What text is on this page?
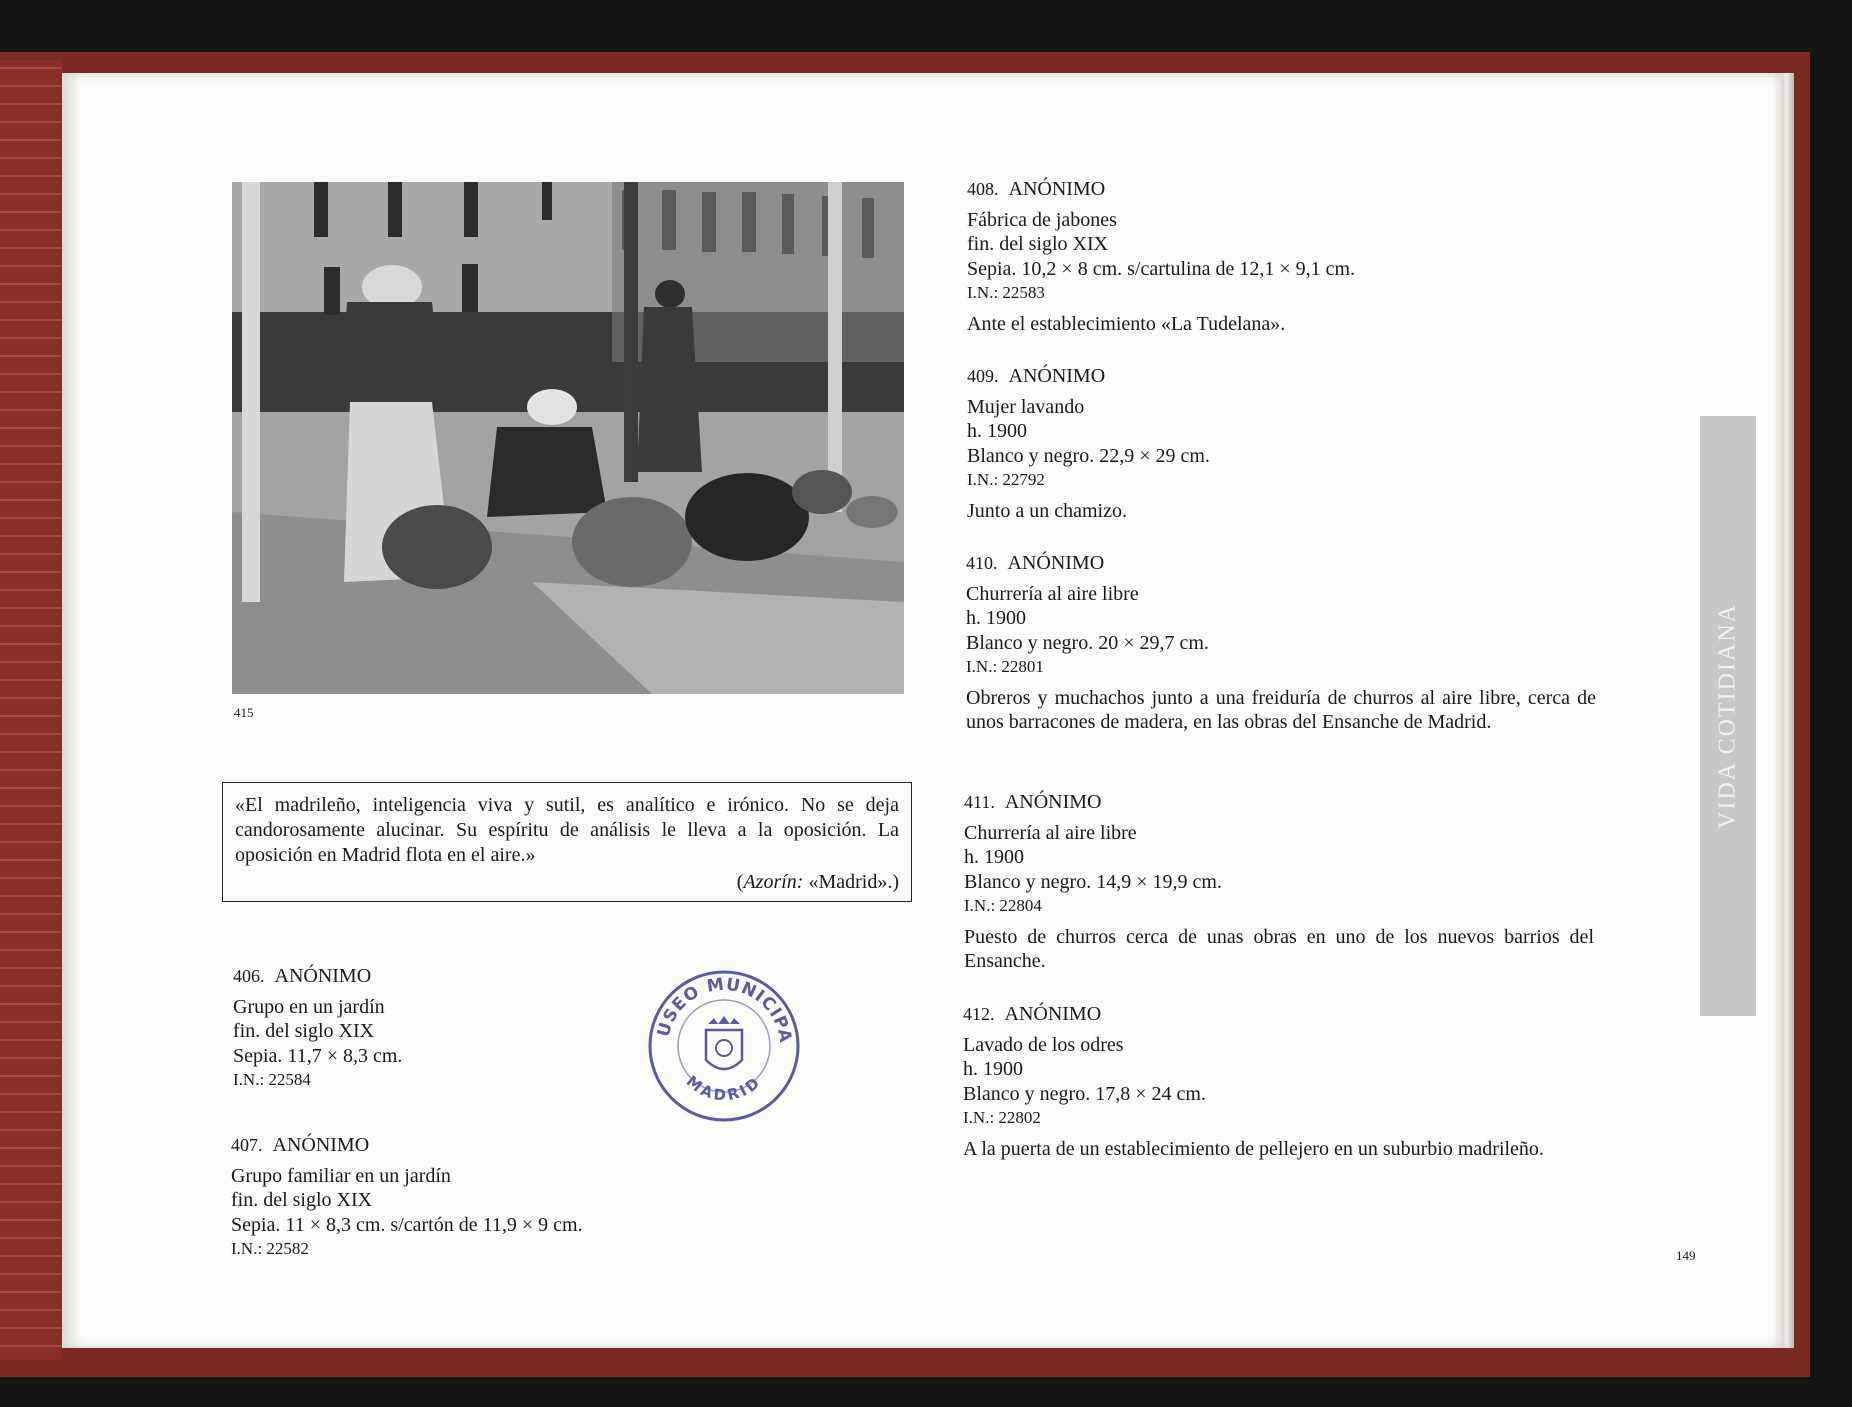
415
«El madrileño, inteligencia viva y sutil, es analítico e irónico. No se deja candorosamente alucinar. Su espíritu de análisis le lleva a la oposición. La oposición en Madrid flota en el aire.»
(Azorín: «Madrid».)
406. ANÓNIMO
Grupo en un jardín
fin. del siglo XIX
Sepia. 11,7 × 8,3 cm.
I.N.: 22584
407. ANÓNIMO
Grupo familiar en un jardín
fin. del siglo XIX
Sepia. 11 × 8,3 cm. s/cartón de 11,9 × 9 cm.
I.N.: 22582
USEO MUNICIPA
MADRID
408. ANÓNIMO
Fábrica de jabones
fin. del siglo XIX
Sepia. 10,2 × 8 cm. s/cartulina de 12,1 × 9,1 cm.
I.N.: 22583
Ante el establecimiento «La Tudelana».
409. ANÓNIMO
Mujer lavando
h. 1900
Blanco y negro. 22,9 × 29 cm.
I.N.: 22792
Junto a un chamizo.
410. ANÓNIMO
Churrería al aire libre
h. 1900
Blanco y negro. 20 × 29,7 cm.
I.N.: 22801
Obreros y muchachos junto a una freiduría de churros al aire libre, cerca de unos barracones de madera, en las obras del Ensanche de Madrid.
411. ANÓNIMO
Churrería al aire libre
h. 1900
Blanco y negro. 14,9 × 19,9 cm.
I.N.: 22804
Puesto de churros cerca de unas obras en uno de los nuevos barrios del Ensanche.
412. ANÓNIMO
Lavado de los odres
h. 1900
Blanco y negro. 17,8 × 24 cm.
I.N.: 22802
A la puerta de un establecimiento de pellejero en un suburbio madrileño.
VIDA COTIDIANA
149
